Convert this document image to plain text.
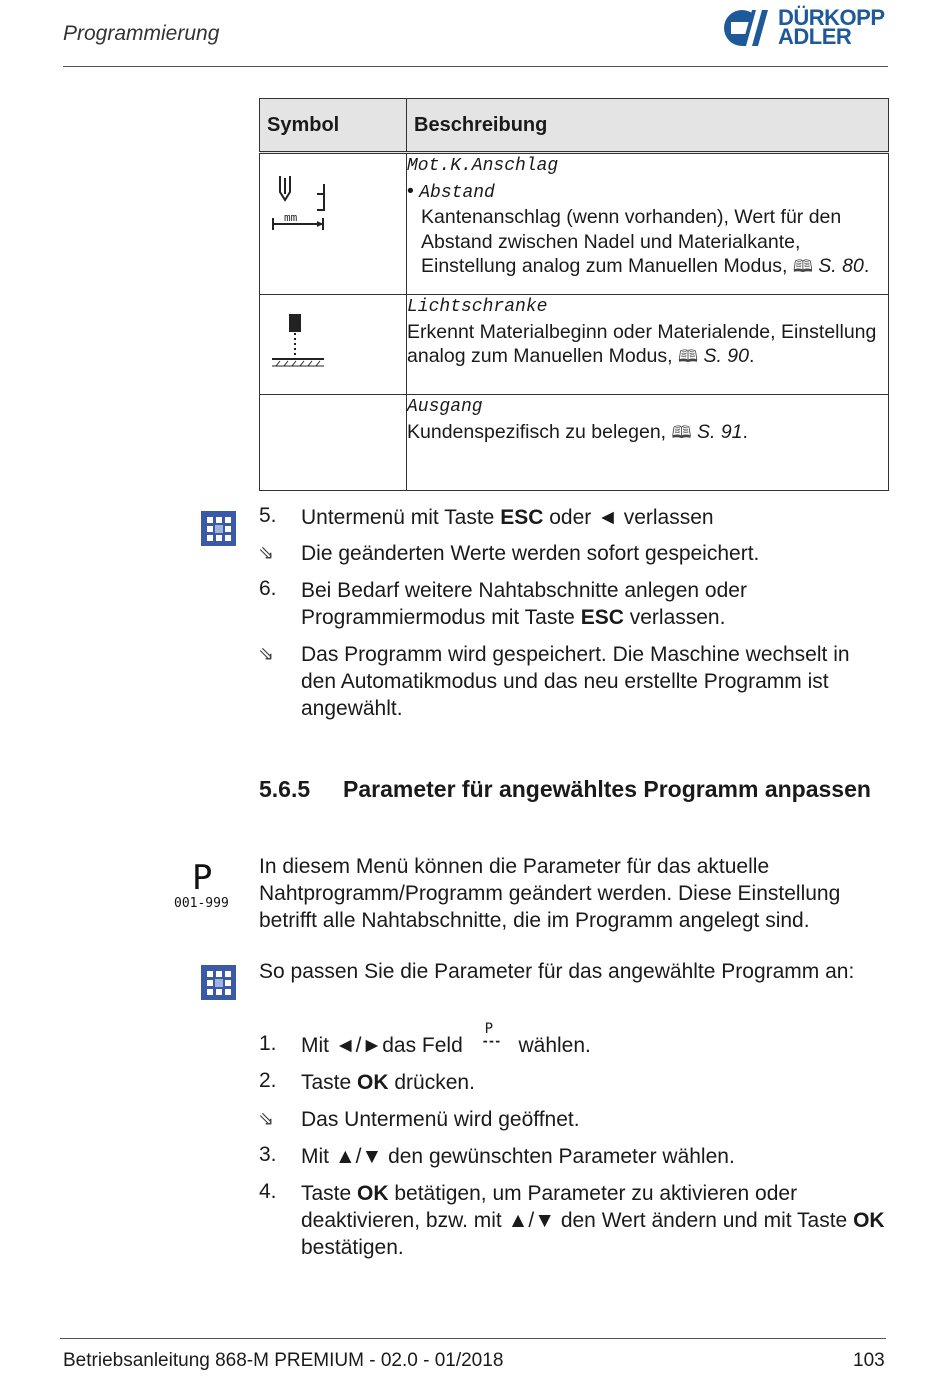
Programmierung
DÜRKOPP
ADLER
Symbol	Beschreibung

mm	Mot.K.Anschlag
• Abstand
Kantenanschlag (wenn vorhanden), Wert für den Abstand zwischen Nadel und Materialkante, Einstellung analog zum Manuellen Modus, 🕮 S. 80.

Lichtschranke
Erkennt Materialbeginn oder Materialende, Einstellung analog zum Manuellen Modus, 🕮 S. 90.

	Ausgang
Kundenspezifisch zu belegen, 🕮 S. 91.
5. Untermenü mit Taste ESC oder ◄ verlassen
⇘ Die geänderten Werte werden sofort gespeichert.
6. Bei Bedarf weitere Nahtabschnitte anlegen oder Programmiermodus mit Taste ESC verlassen.
⇘ Das Programm wird gespeichert. Die Maschine wechselt in den Automatikmodus und das neu erstellte Programm ist angewählt.
5.6.5 Parameter für angewähltes Programm anpassen
P
001-999
In diesem Menü können die Parameter für das aktuelle Nahtprogramm/Programm geändert werden. Diese Einstellung betrifft alle Nahtabschnitte, die im Programm angelegt sind.
So passen Sie die Parameter für das angewählte Programm an:
1. Mit ◄/►das Feld
P
--- wählen.
2. Taste OK drücken.
⇘ Das Untermenü wird geöffnet.
3. Mit ▲/▼ den gewünschten Parameter wählen.
4. Taste OK betätigen, um Parameter zu aktivieren oder deaktivieren, bzw. mit ▲/▼ den Wert ändern und mit Taste OK bestätigen.
Betriebsanleitung 868-M PREMIUM - 02.0 - 01/2018	103
